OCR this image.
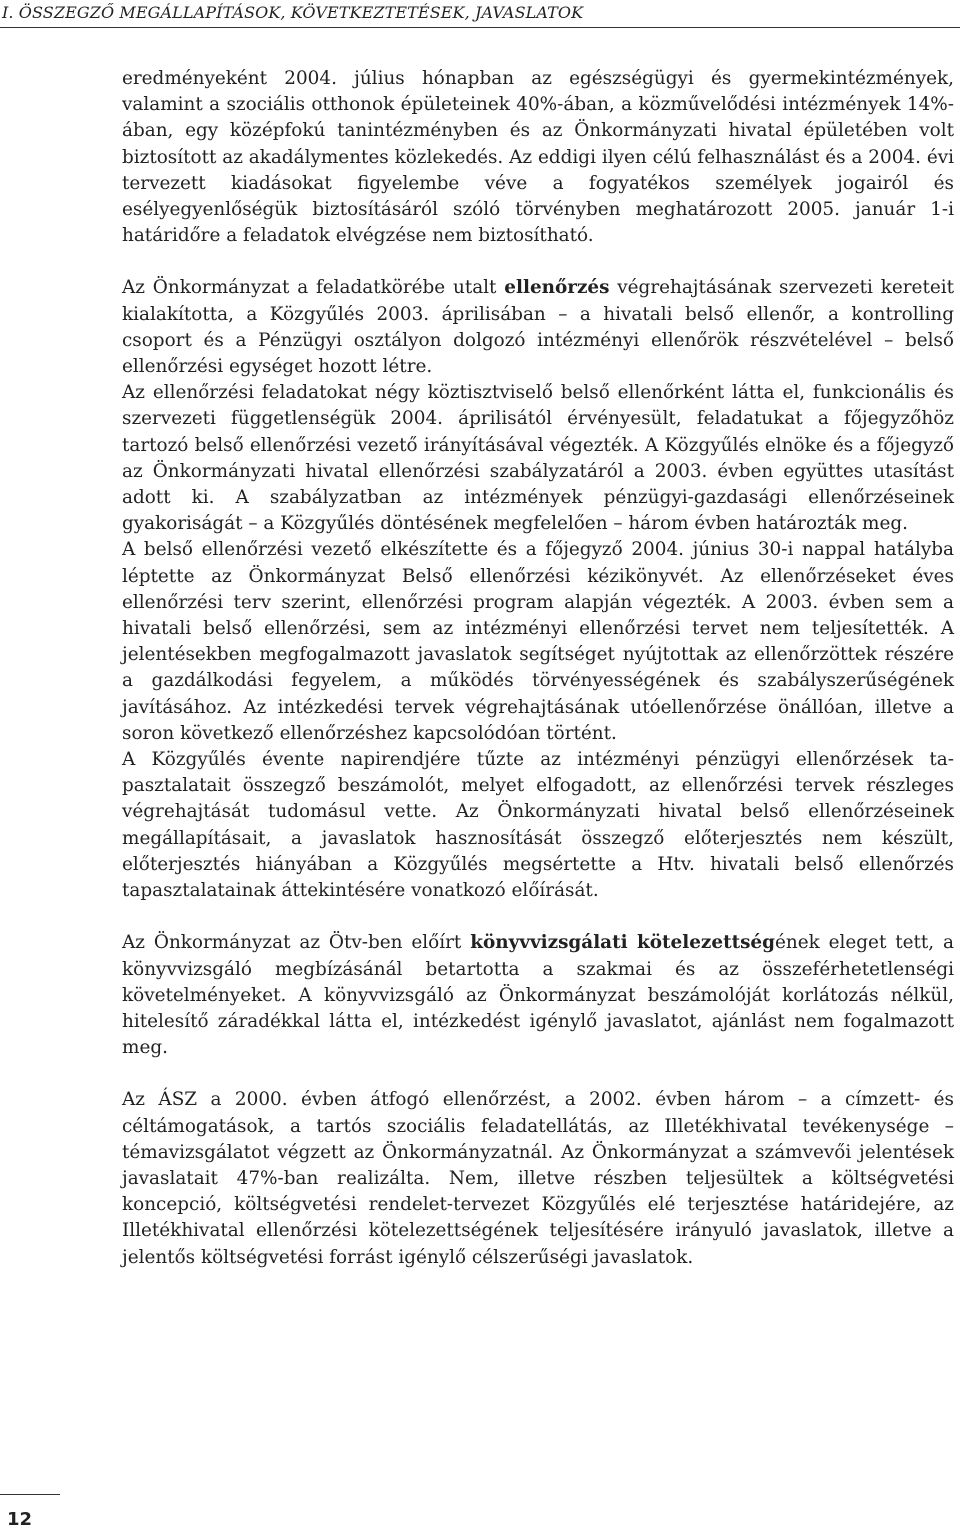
I. ÖSSZEGZŐ MEGÁLLAPÍTÁSOK, KÖVETKEZTETÉSEK, JAVASLATOK

eredményeként 2004. július hónapban az egészségügyi és gyermekintézmények, valamint a szociális otthonok épületeinek 40%-ában, a közművelődési intézmények 14%-ában, egy középfokú tanintézményben és az Önkormányzati hivatal épületében volt biztosított az akadálymentes közlekedés. Az eddigi ilyen célú felhasználást és a 2004. évi tervezett kiadásokat figyelembe véve a fogyatékos személyek jogairól és esélyegyenlőségük biztosításáról szóló törvényben meghatározott 2005. január 1-i határidőre a feladatok elvégzése nem biztosítható.

Az Önkormányzat a feladatkörébe utalt ellenőrzés végrehajtásának szervezeti kereteit kialakította, a Közgyűlés 2003. áprilisában – a hivatali belső ellenőr, a kontrolling csoport és a Pénzügyi osztályon dolgozó intézményi ellenőrök részvételével – belső ellenőrzési egységet hozott létre.

Az ellenőrzési feladatokat négy köztisztviselő belső ellenőrként látta el, funkcionális és szervezeti függetlenségük 2004. áprilisától érvényesült, feladatukat a főjegyzőhöz tartozó belső ellenőrzési vezető irányításával végezték. A Közgyűlés elnöke és a főjegyző az Önkormányzati hivatal ellenőrzési szabályzatáról a 2003. évben együttes utasítást adott ki. A szabályzatban az intézmények pénzügyi-gazdasági ellenőrzéseinek gyakoriságát – a Közgyűlés döntésének megfelelően – három évben határozták meg.

A belső ellenőrzési vezető elkészítette és a főjegyző 2004. június 30-i nappal hatályba léptette az Önkormányzat Belső ellenőrzési kézikönyvét. Az ellenőrzéseket éves ellenőrzési terv szerint, ellenőrzési program alapján végezték. A 2003. évben sem a hivatali belső ellenőrzési, sem az intézményi ellenőrzési tervet nem teljesítették. A jelentésekben megfogalmazott javaslatok segítséget nyújtottak az ellenőrzöttek részére a gazdálkodási fegyelem, a működés törvényességének és szabályszerűségének javításához. Az intézkedési tervek végrehajtásának utóellenőrzése önállóan, illetve a soron következő ellenőrzéshez kapcsolódóan történt.

A Közgyűlés évente napirendjére tűzte az intézményi pénzügyi ellenőrzések tapasztalatait összegző beszámolót, melyet elfogadott, az ellenőrzési tervek részleges végrehajtását tudomásul vette. Az Önkormányzati hivatal belső ellenőrzéseinek megállapításait, a javaslatok hasznosítását összegző előterjesztés nem készült, előterjesztés hiányában a Közgyűlés megsértette a Htv. hivatali belső ellenőrzés tapasztalatainak áttekintésére vonatkozó előírását.

Az Önkormányzat az Ötv-ben előírt könyvvizsgálati kötelezettségének eleget tett, a könyvvizsgáló megbízásánál betartotta a szakmai és az összeférhetetlenségi követelményeket. A könyvvizsgáló az Önkormányzat beszámolóját korlátozás nélkül, hitelesítő záradékkal látta el, intézkedést igénylő javaslatot, ajánlást nem fogalmazott meg.

Az ÁSZ a 2000. évben átfogó ellenőrzést, a 2002. évben három – a címzett- és céltámogatások, a tartós szociális feladatellátás, az Illetékhivatal tevékenysége – témavizsgálatot végzett az Önkormányzatnál. Az Önkormányzat a számvevői jelentések javaslatait 47%-ban realizálta. Nem, illetve részben teljesültek a költségvetési koncepció, költségvetési rendelet-tervezet Közgyűlés elé terjesztése határidejére, az Illetékhivatal ellenőrzési kötelezettségének teljesítésére irányuló javaslatok, illetve a jelentős költségvetési forrást igénylő célszerűségi javaslatok.

12
